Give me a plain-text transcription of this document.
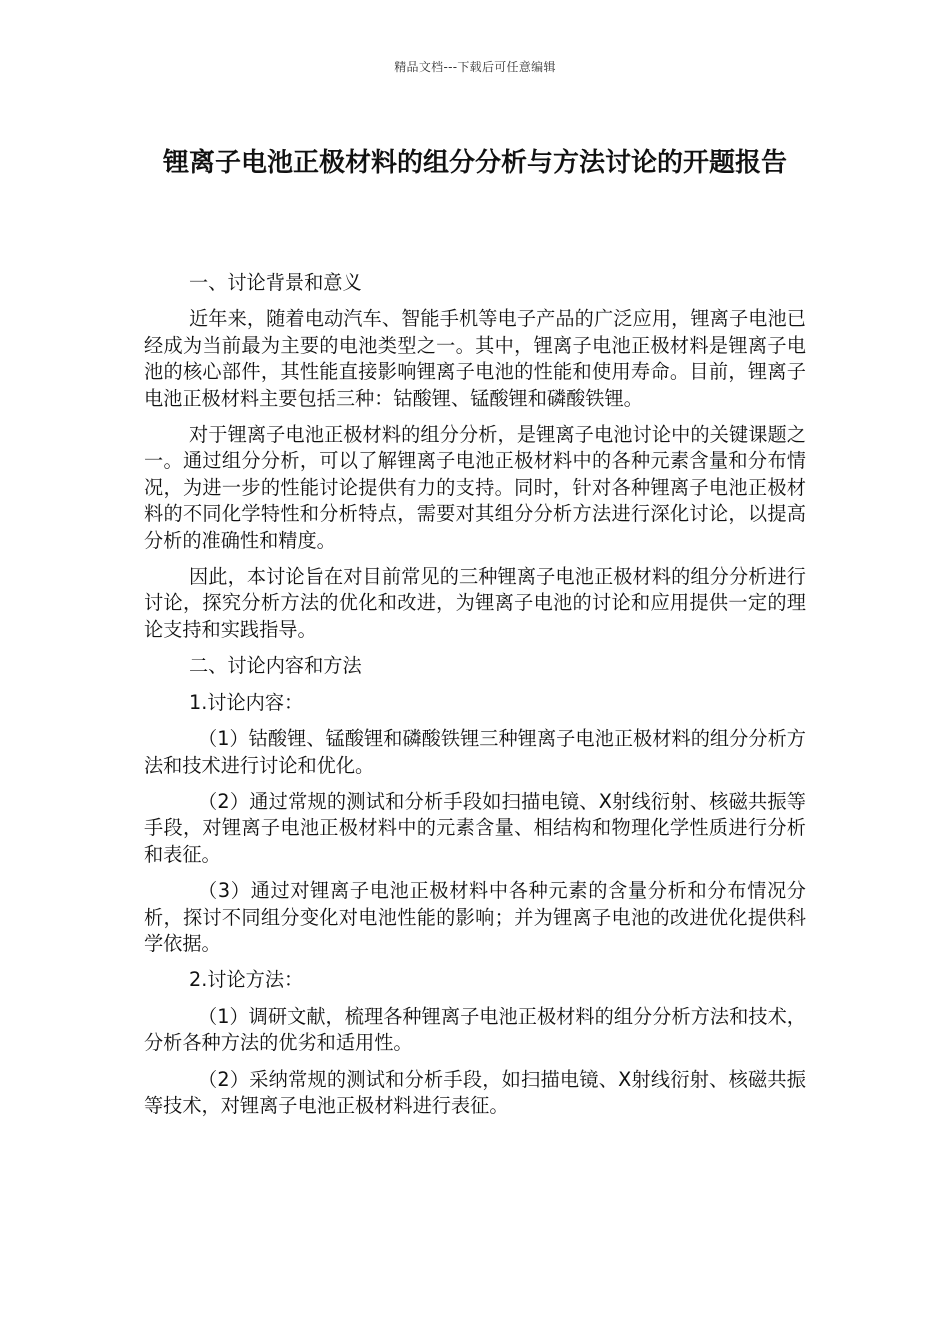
精品文档---下载后可任意编辑
锂离子电池正极材料的组分分析与方法讨论的开题报告

一、讨论背景和意义

近年来，随着电动汽车、智能手机等电子产品的广泛应用，锂离子电池已经成为当前最为主要的电池类型之一。其中，锂离子电池正极材料是锂离子电池的核心部件，其性能直接影响锂离子电池的性能和使用寿命。目前，锂离子电池正极材料主要包括三种：钴酸锂、锰酸锂和磷酸铁锂。

对于锂离子电池正极材料的组分分析，是锂离子电池讨论中的关键课题之一。通过组分分析，可以了解锂离子电池正极材料中的各种元素含量和分布情况，为进一步的性能讨论提供有力的支持。同时，针对各种锂离子电池正极材料的不同化学特性和分析特点，需要对其组分分析方法进行深化讨论，以提高分析的准确性和精度。

因此，本讨论旨在对目前常见的三种锂离子电池正极材料的组分分析进行讨论，探究分析方法的优化和改进，为锂离子电池的讨论和应用提供一定的理论支持和实践指导。

二、讨论内容和方法

1.讨论内容：

（1）钴酸锂、锰酸锂和磷酸铁锂三种锂离子电池正极材料的组分分析方法和技术进行讨论和优化。

（2）通过常规的测试和分析手段如扫描电镜、X射线衍射、核磁共振等手段，对锂离子电池正极材料中的元素含量、相结构和物理化学性质进行分析和表征。

（3）通过对锂离子电池正极材料中各种元素的含量分析和分布情况分析，探讨不同组分变化对电池性能的影响；并为锂离子电池的改进优化提供科学依据。

2.讨论方法：

（1）调研文献，梳理各种锂离子电池正极材料的组分分析方法和技术，分析各种方法的优劣和适用性。

（2）采纳常规的测试和分析手段，如扫描电镜、X射线衍射、核磁共振等技术，对锂离子电池正极材料进行表征。
